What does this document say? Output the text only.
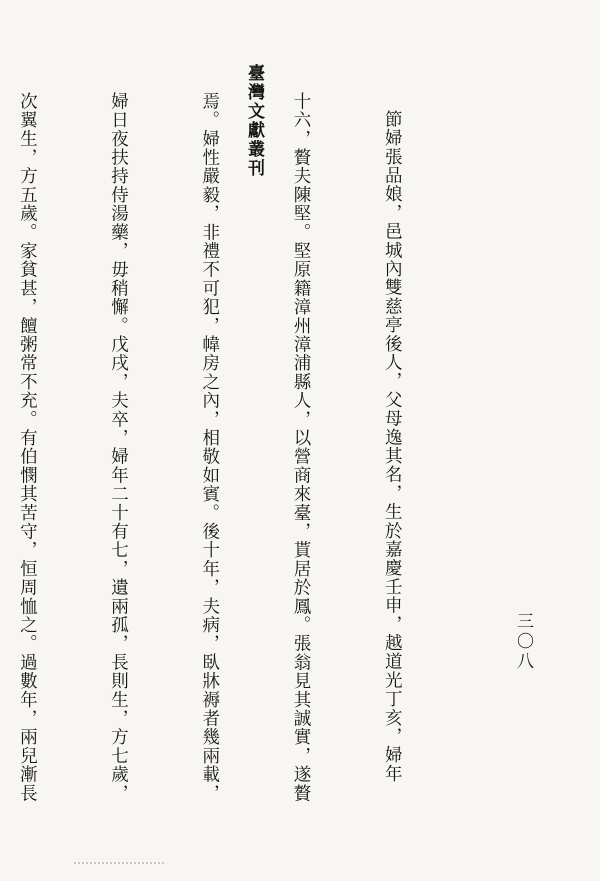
臺灣文獻叢刊
三〇八

節婦張品娘，邑城內雙慈亭後人，父母逸其名，生於嘉慶壬申，越道光丁亥，婦年

十六，贅夫陳堅。堅原籍漳州漳浦縣人，以營商來臺，貰居於鳳。張翁見其誠實，遂贅

焉。婦性嚴毅，非禮不可犯，幃房之內，相敬如賓。後十年，夫病，臥牀褥者幾兩載，

婦日夜扶持侍湯藥，毋稍懈。戊戌，夫卒，婦年二十有七，遺兩孤，長則生，方七歲，

次翼生，方五歲。家貧甚，饘粥常不充。有伯憫其苦守，恒周恤之。過數年，兩兒漸長
